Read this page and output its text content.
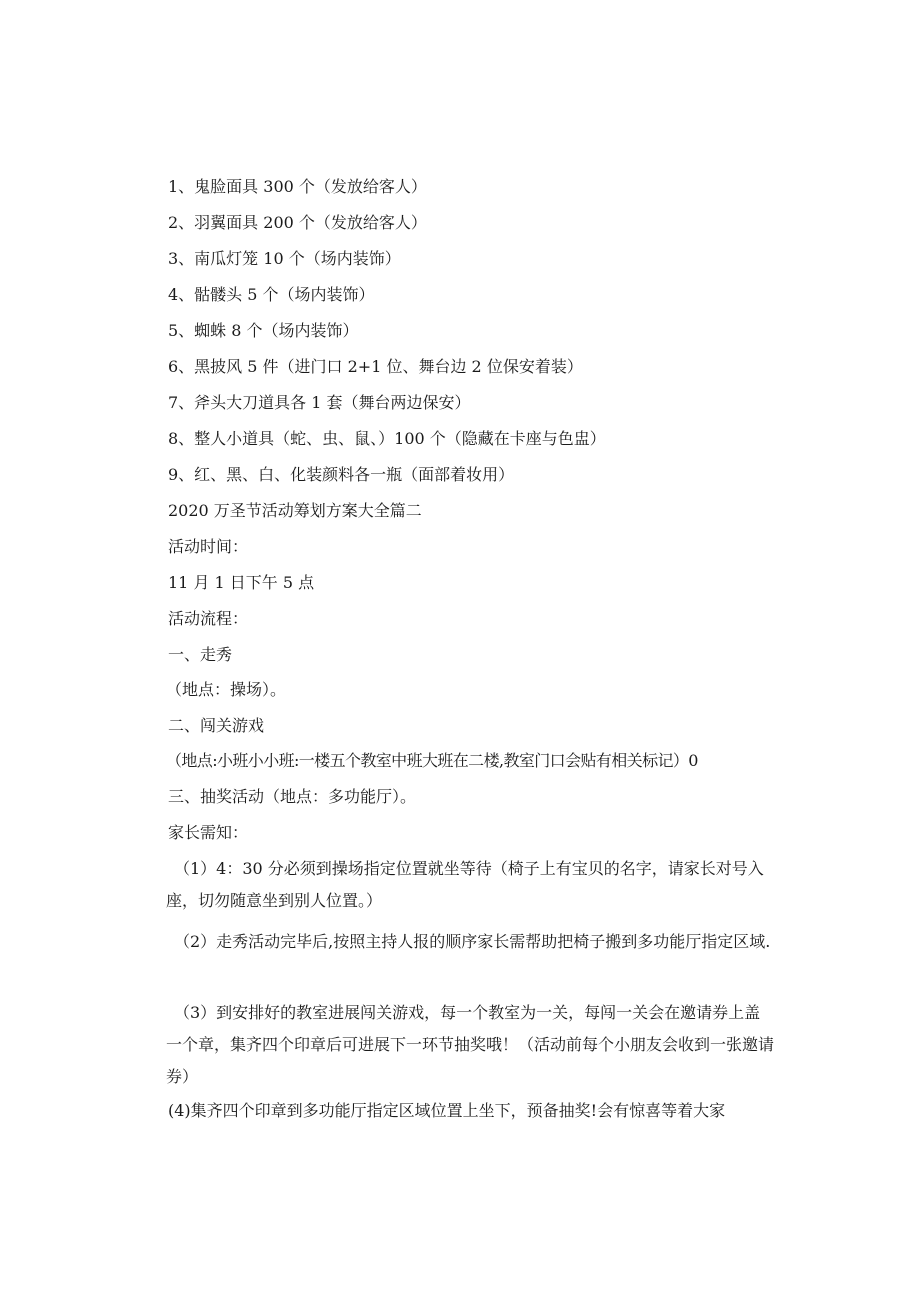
1、鬼脸面具 300 个（发放给客人）
2、羽翼面具 200 个（发放给客人）
3、南瓜灯笼 10 个（场内装饰）
4、骷髅头 5 个（场内装饰）
5、蜘蛛 8 个（场内装饰）
6、黑披风 5 件（进门口 2+1 位、舞台边 2 位保安着装）
7、斧头大刀道具各 1 套（舞台两边保安）
8、整人小道具（蛇、虫、鼠、）100 个（隐藏在卡座与色盅）
9、红、黑、白、化装颜料各一瓶（面部着妆用）
2020 万圣节活动筹划方案大全篇二
活动时间：
11 月 1 日下午 5 点
活动流程：
一、走秀
（地点：操场）。
二、闯关游戏
（地点:小班小小班:一楼五个教室中班大班在二楼,教室门口会贴有相关标记）0
三、抽奖活动（地点：多功能厅）。
家长需知：
（1）4：30 分必须到操场指定位置就坐等待（椅子上有宝贝的名字，请家长对号入座，切勿随意坐到别人位置。）
（2）走秀活动完毕后,按照主持人报的顺序家长需帮助把椅子搬到多功能厅指定区域.
（3）到安排好的教室进展闯关游戏，每一个教室为一关，每闯一关会在邀请券上盖一个章，集齐四个印章后可进展下一环节抽奖哦！（活动前每个小朋友会收到一张邀请券）
(4)集齐四个印章到多功能厅指定区域位置上坐下，预备抽奖!会有惊喜等着大家
